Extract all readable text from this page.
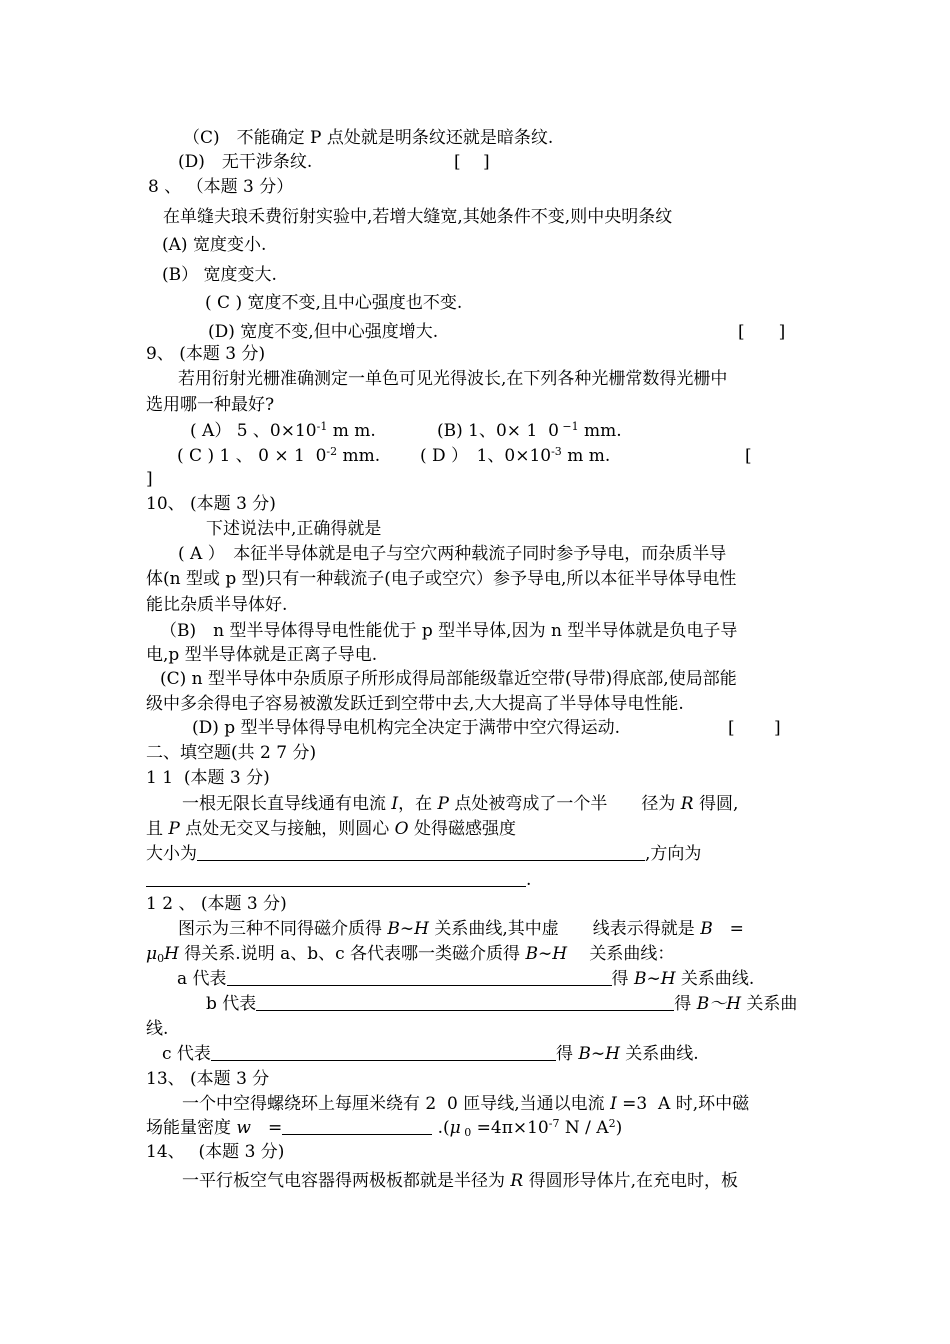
（C)　不能确定 P 点处就是明条纹还就是暗条纹.
(D)　无干涉条纹.	[　 ]
8 、 （本题 3 分）
在单缝夫琅禾费衍射实验中,若增大缝宽,其她条件不变,则中央明条纹
(A) 宽度变小.
(B） 宽度变大.
( C ) 宽度不变,且中心强度也不变.
(D) 宽度不变,但中心强度增大.	[　　]
9、 (本题 3 分)
若用衍射光栅准确测定一单色可见光得波长,在下列各种光栅常数得光栅中
选用哪一种最好?
( A） 5 、$0\times 10^{-1}$ m m.	(B) 1、0× 1  0 $^{-1}$ mm.
( C ) 1 、 0 × 1  $0^{-2}$ mm. ( D ）　1、$0\times 10^{-3}$ m m.	[
]
10、 (本题 3 分)
下述说法中,正确得就是
( A ）　本征半导体就是电子与空穴两种载流子同时参予导电，而杂质半导
体(n 型或 p 型)只有一种载流子(电子或空穴）参予导电,所以本征半导体导电性
能比杂质半导体好.
（B)　n 型半导体得导电性能优于 p 型半导体,因为 n 型半导体就是负电子导
电,p 型半导体就是正离子导电.
(C) n 型半导体中杂质原子所形成得局部能级靠近空带(导带)得底部,使局部能
级中多余得电子容易被激发跃迁到空带中去,大大提高了半导体导电性能.
(D) p 型半导体得导电机构完全决定于满带中空穴得运动.	[　　 ]
二、填空题(共 2 7 分)
1 1  (本题 3 分)
一根无限长直导线通有电流 I，在 P 点处被弯成了一个半　　径为 R 得圆,
且 P 点处无交叉与接触，则圆心 O 处得磁感强度
大小为	,方向为
.
1 2 、 (本题 3 分)
图示为三种不同得磁介质得 B∼H 关系曲线,其中虚　　线表示得就是 B　=
$\mu_0H$ 得关系.说明 a、b、c 各代表哪一类磁介质得 B∼H　 关系曲线：
a 代表	得 B∼H 关系曲线.
b 代表	得 B～H 关系曲
线.
c 代表	得 B∼H 关系曲线.
13、 (本题 3 分
一个中空得螺绕环上每厘米绕有 2  0 匝导线,当通以电流 I =3  A 时,环中磁
场能量密度 w　=	.(μ $_0 =4\pi\times 10^{-7}$ N / $A^2$)
14、　 (本题 3 分)
一平行板空气电容器得两极板都就是半径为 R 得圆形导体片,在充电时，板
